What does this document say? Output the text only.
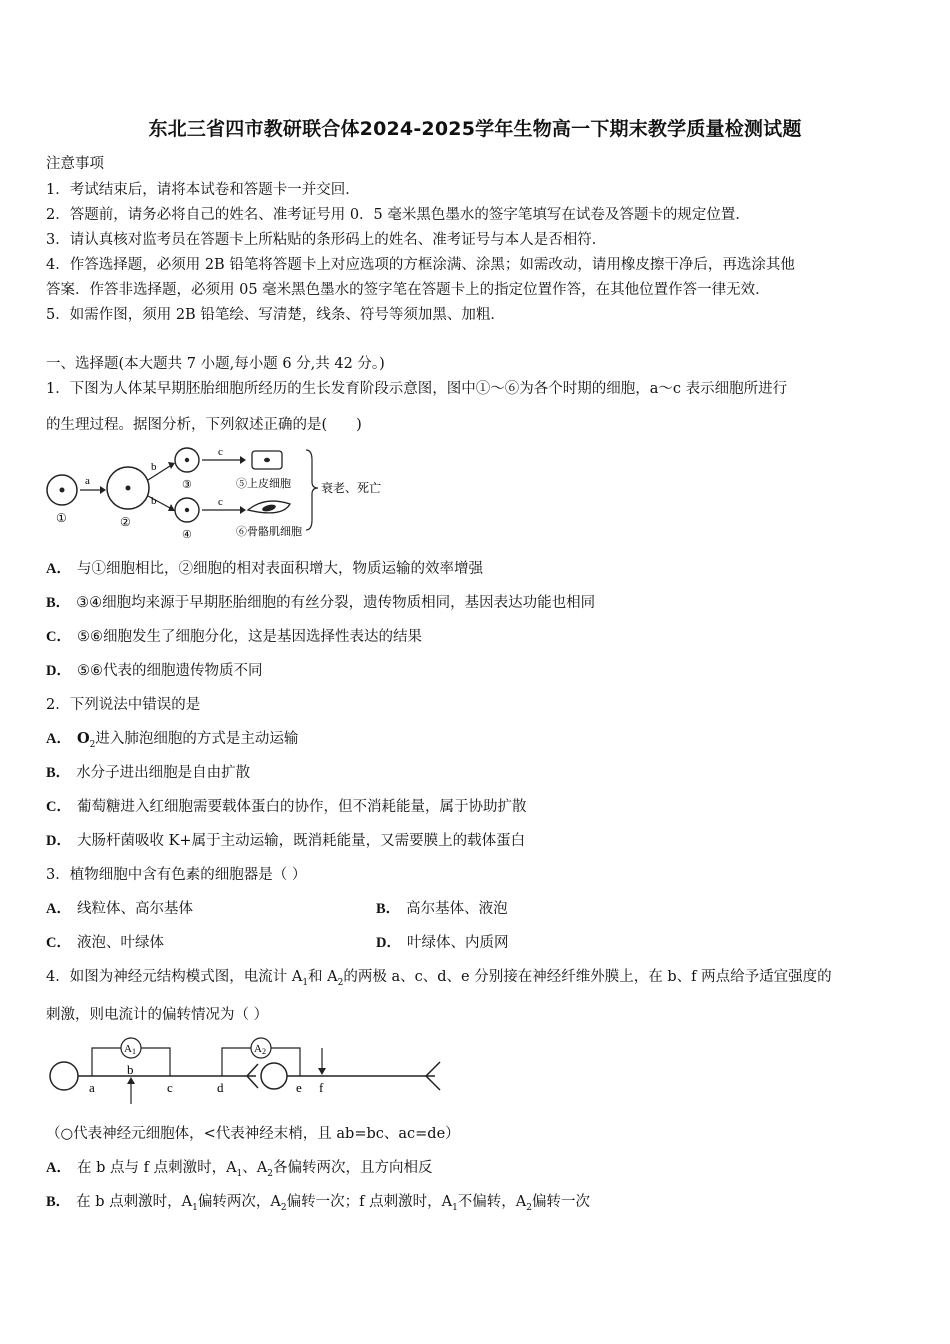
东北三省四市教研联合体2024-2025学年生物高一下期末教学质量检测试题
注意事项
1．考试结束后，请将本试卷和答题卡一并交回．
2．答题前，请务必将自己的姓名、准考证号用 0．5 毫米黑色墨水的签字笔填写在试卷及答题卡的规定位置．
3．请认真核对监考员在答题卡上所粘贴的条形码上的姓名、准考证号与本人是否相符．
4．作答选择题，必须用 2B 铅笔将答题卡上对应选项的方框涂满、涂黑；如需改动，请用橡皮擦干净后，再选涂其他
答案．作答非选择题，必须用 05 毫米黑色墨水的签字笔在答题卡上的指定位置作答，在其他位置作答一律无效．
5．如需作图，须用 2B 铅笔绘、写清楚，线条、符号等须加黑、加粗．
一、选择题(本大题共 7 小题,每小题 6 分,共 42 分。)
1．下图为人体某早期胚胎细胞所经历的生长发育阶段示意图，图中①～⑥为各个时期的细胞，a～c 表示细胞所进行
的生理过程。据图分析，下列叙述正确的是(　　)
①
a
②
b
b
③
④
c
c
⑤上皮细胞
⑥骨骼肌细胞
衰老、死亡
A． 与①细胞相比，②细胞的相对表面积增大，物质运输的效率增强
B． ③④细胞均来源于早期胚胎细胞的有丝分裂，遗传物质相同，基因表达功能也相同
C． ⑤⑥细胞发生了细胞分化，这是基因选择性表达的结果
D． ⑤⑥代表的细胞遗传物质不同
2．下列说法中错误的是
A． $O_2$进入肺泡细胞的方式是主动运输
B． 水分子进出细胞是自由扩散
C． 葡萄糖进入红细胞需要载体蛋白的协作，但不消耗能量，属于协助扩散
D． 大肠杆菌吸收 K+属于主动运输，既消耗能量，又需要膜上的载体蛋白
3．植物细胞中含有色素的细胞器是（ ）
A． 线粒体、高尔基体	B． 高尔基体、液泡
C． 液泡、叶绿体	D． 叶绿体、内质网
4．如图为神经元结构模式图，电流计 $A_1$和 $A_2$的两极 a、c、d、e 分别接在神经纤维外膜上，在 b、f 两点给予适宜强度的
刺激，则电流计的偏转情况为（ ）
A1	A2
a
b
c	d	e f
（○代表神经元细胞体，<代表神经末梢，且 ab=bc、ac=de）
A． 在 b 点与 f 点刺激时，$A_1$、$A_2$各偏转两次，且方向相反
B． 在 b 点刺激时，$A_1$偏转两次，$A_2$偏转一次；f 点刺激时，$A_1$不偏转，$A_2$偏转一次
